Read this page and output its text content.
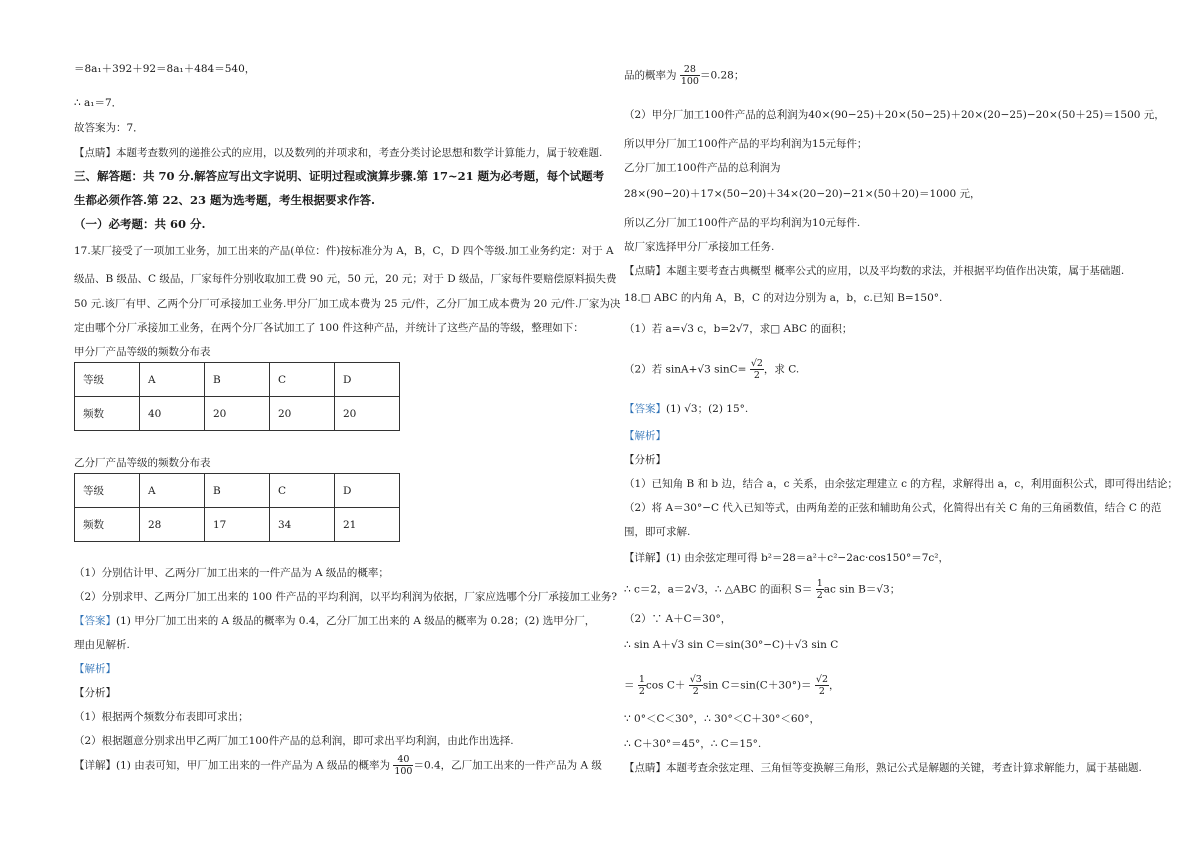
＝8a₁＋392＋92＝8a₁＋484＝540，
∴ a₁＝7．
故答案为：7．
【点睛】本题考查数列的递推公式的应用，以及数列的并项求和，考查分类讨论思想和数学计算能力，属于较难题.
三、解答题：共 70 分.解答应写出文字说明、证明过程或演算步骤.第 17~21 题为必考题，每个试题考
生都必须作答.第 22、23 题为选考题，考生根据要求作答.
（一）必考题：共 60 分.
17.某厂接受了一项加工业务，加工出来的产品(单位：件)按标准分为 A，B，C，D 四个等级.加工业务约定：对于 A
级品、B 级品、C 级品，厂家每件分别收取加工费 90 元，50 元，20 元；对于 D 级品，厂家每件要赔偿原料损失费
50 元.该厂有甲、乙两个分厂可承接加工业务.甲分厂加工成本费为 25 元/件，乙分厂加工成本费为 20 元/件.厂家为决
定由哪个分厂承接加工业务，在两个分厂各试加工了 100 件这种产品，并统计了这些产品的等级，整理如下：
甲分厂产品等级的频数分布表
等级	A	B	C	D
频数	40	20	20	20
乙分厂产品等级的频数分布表
等级	A	B	C	D
频数	28	17	34	21
（1）分别估计甲、乙两分厂加工出来的一件产品为 A 级品的概率；
（2）分别求甲、乙两分厂加工出来的 100 件产品的平均利润，以平均利润为依据，厂家应选哪个分厂承接加工业务?
【答案】(1) 甲分厂加工出来的 A 级品的概率为 0.4，乙分厂加工出来的 A 级品的概率为 0.28；(2) 选甲分厂，
理由见解析.
【解析】
【分析】
（1）根据两个频数分布表即可求出；
（2）根据题意分别求出甲乙两厂加工100件产品的总利润，即可求出平均利润，由此作出选择.
【详解】(1) 由表可知，甲厂加工出来的一件产品为 A 级品的概率为 $\frac{40}{100} =0.4$，乙厂加工出来的一件产品为 A 级
品的概率为 $\frac{28}{100} =0.28$；
（2）甲分厂加工100件产品的总利润为40×(90−25)＋20×(50−25)＋20×(20−25)−20×(50＋25)＝1500 元，
所以甲分厂加工100件产品的平均利润为15元每件；
乙分厂加工100件产品的总利润为
28×(90−20)＋17×(50−20)＋34×(20−20)−21×(50＋20)＝1000 元，
所以乙分厂加工100件产品的平均利润为10元每件.
故厂家选择甲分厂承接加工任务.
【点睛】本题主要考查古典概型 概率公式的应用，以及平均数的求法，并根据平均值作出决策，属于基础题.
18.□ ABC 的内角 A，B，C 的对边分别为 a，b，c.已知 B=150°.
（1）若 a=√3 c，b=2√7，求□ ABC 的面积；
（2）若 sinA+√3 $\sin C= \frac{√2}{2}$ ，求 C.
【答案】(1) √3；(2) 15°.
【解析】
【分析】
（1）已知角 B 和 b 边，结合 a，c 关系，由余弦定理建立 c 的方程，求解得出 a，c，利用面积公式，即可得出结论；
（2）将 A＝30°−C 代入已知等式，由两角差的正弦和辅助角公式，化简得出有关 C 角的三角函数值，结合 C 的范
围，即可求解.
【详解】(1) 由余弦定理可得 b²＝28＝a²＋c²−2ac·cos150°＝7c²，
∴ c＝2，a＝2√3，∴ △ABC 的面积 $S= \frac{1}{2}$ ac sin B＝√3；
（2）∵ A＋C＝30°，
∴ sin A＋√3 sin C＝sin(30°−C)＋√3 sin C
＝ $\frac{1}{2}$ $\cos C+ \frac{√3}{2}$ $\sin C=\sin(C+30^\circ)= \frac{√2}{2}$ ，
∵ 0°＜C＜30°，∴ 30°＜C＋30°＜60°，
∴ C＋30°＝45°，∴ C＝15°.
【点睛】本题考查余弦定理、三角恒等变换解三角形，熟记公式是解题的关键，考查计算求解能力，属于基础题.
